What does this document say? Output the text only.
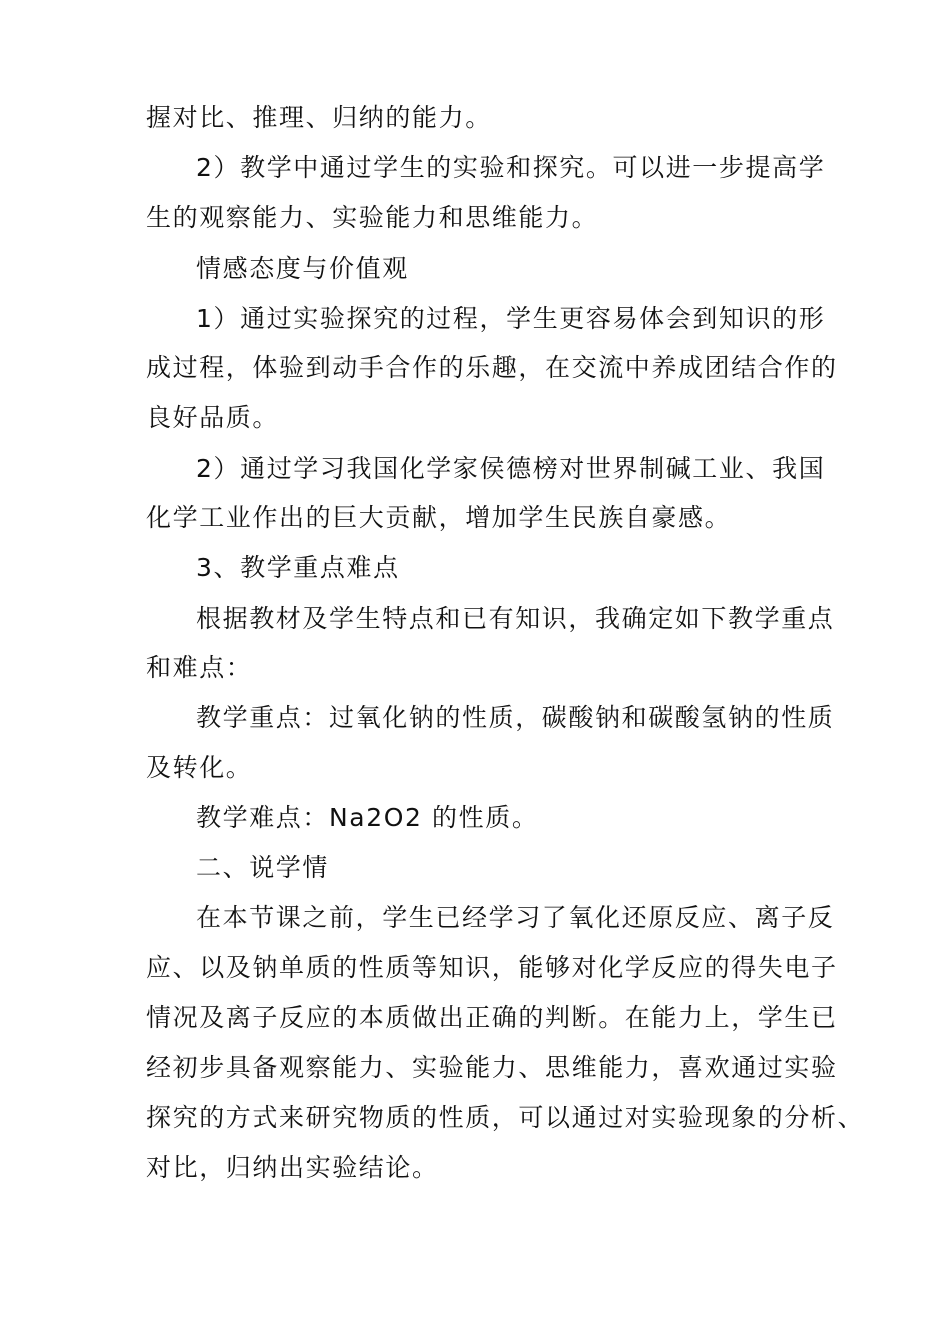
握对比、推理、归纳的能力。
2）教学中通过学生的实验和探究。可以进一步提高学
生的观察能力、实验能力和思维能力。
情感态度与价值观
1）通过实验探究的过程，学生更容易体会到知识的形
成过程，体验到动手合作的乐趣，在交流中养成团结合作的
良好品质。
2）通过学习我国化学家侯德榜对世界制碱工业、我国
化学工业作出的巨大贡献，增加学生民族自豪感。
3、教学重点难点
根据教材及学生特点和已有知识，我确定如下教学重点
和难点：
教学重点：过氧化钠的性质，碳酸钠和碳酸氢钠的性质
及转化。
教学难点：Na2O2 的性质。
二、说学情
在本节课之前，学生已经学习了氧化还原反应、离子反
应、以及钠单质的性质等知识，能够对化学反应的得失电子
情况及离子反应的本质做出正确的判断。在能力上，学生已
经初步具备观察能力、实验能力、思维能力，喜欢通过实验
探究的方式来研究物质的性质，可以通过对实验现象的分析、
对比，归纳出实验结论。
